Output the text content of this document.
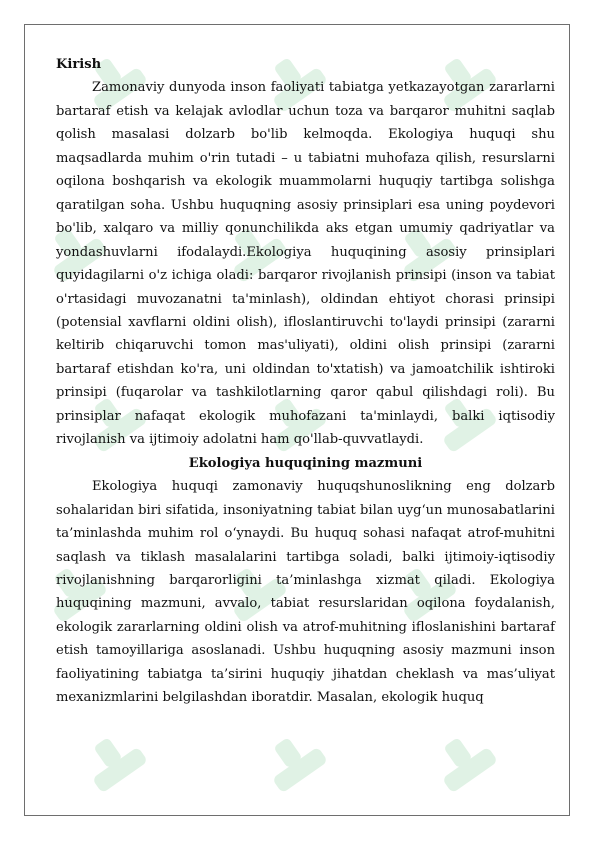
Kirish

Zamonaviy dunyoda inson faoliyati tabiatga yetkazayotgan zararlarni bartaraf etish va kelajak avlodlar uchun toza va barqaror muhitni saqlab qolish masalasi dolzarb bo'lib kelmoqda. Ekologiya huquqi shu maqsadlarda muhim o'rin tutadi – u tabiatni muhofaza qilish, resurslarni oqilona boshqarish va ekologik muammolarni huquqiy tartibga solishga qaratilgan soha. Ushbu huquqning asosiy prinsiplari esa uning poydevori bo'lib, xalqaro va milliy qonunchilikda aks etgan umumiy qadriyatlar va yondashuvlarni ifodalaydi.Ekologiya huquqining asosiy prinsiplari quyidagilarni o'z ichiga oladi: barqaror rivojlanish prinsipi (inson va tabiat o'rtasidagi muvozanatni ta'minlash), oldindan ehtiyot chorasi prinsipi (potensial xavflarni oldini olish), ifloslantiruvchi to'laydi prinsipi (zararni keltirib chiqaruvchi tomon mas'uliyati), oldini olish prinsipi (zararni bartaraf etishdan ko'ra, uni oldindan to'xtatish) va jamoatchilik ishtiroki prinsipi (fuqarolar va tashkilotlarning qaror qabul qilishdagi roli). Bu prinsiplar nafaqat ekologik muhofazani ta'minlaydi, balki iqtisodiy rivojlanish va ijtimoiy adolatni ham qo'llab-quvvatlaydi.

Ekologiya huquqining mazmuni

Ekologiya huquqi zamonaviy huquqshunoslikning eng dolzarb sohalaridan biri sifatida, insoniyatning tabiat bilan uyg‘un munosabatlarini ta’minlashda muhim rol o‘ynaydi. Bu huquq sohasi nafaqat atrof-muhitni saqlash va tiklash masalalarini tartibga soladi, balki ijtimoiy-iqtisodiy rivojlanishning barqarorligini ta’minlashga xizmat qiladi. Ekologiya huquqining mazmuni, avvalo, tabiat resurslaridan oqilona foydalanish, ekologik zararlarning oldini olish va atrof-muhitning ifloslanishini bartaraf etish tamoyillariga asoslanadi. Ushbu huquqning asosiy mazmuni inson faoliyatining tabiatga ta’sirini huquqiy jihatdan cheklash va mas’uliyat mexanizmlarini belgilashdan iboratdir. Masalan, ekologik huquq
